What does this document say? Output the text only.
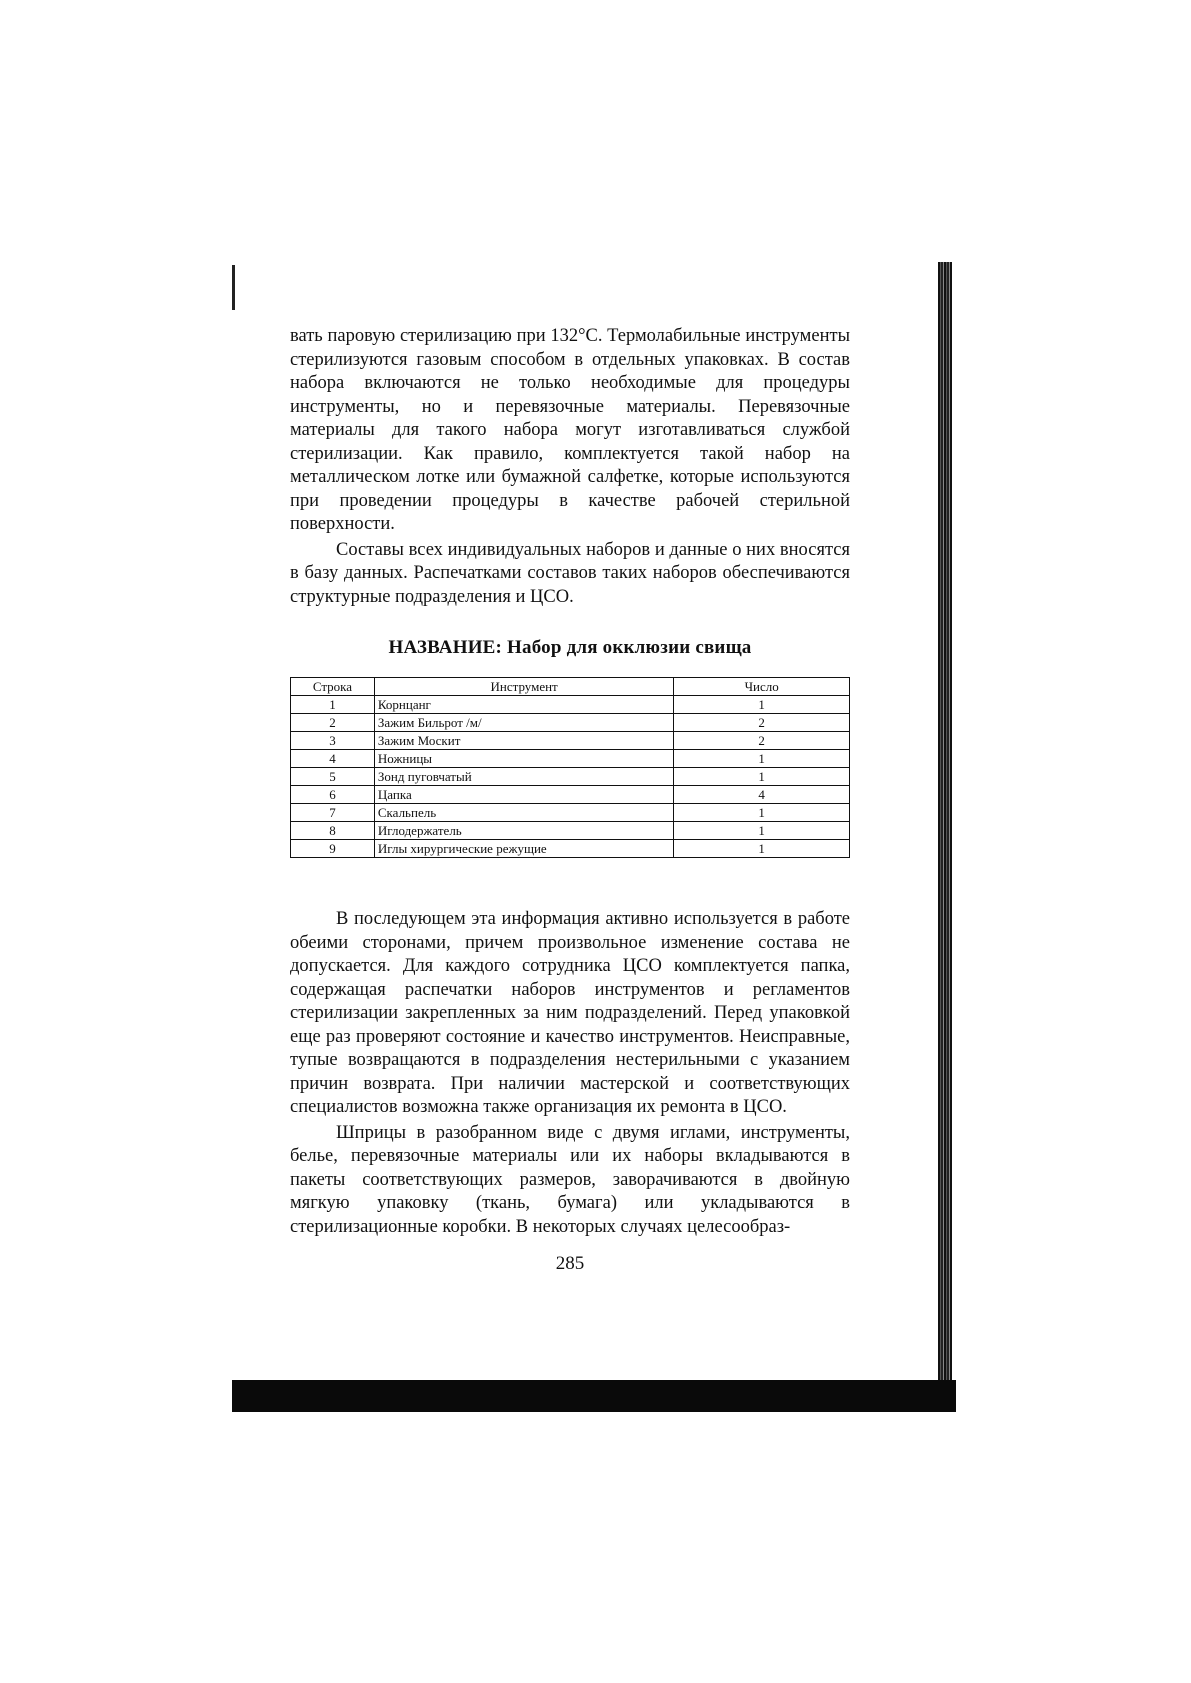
вать паровую стерилизацию при 132°С. Термолабильные инструменты стерилизуются газовым способом в отдельных упаковках. В состав набора включаются не только необходимые для процедуры инструменты, но и перевязочные материалы. Перевязочные материалы для такого набора могут изготавливаться службой стерилизации. Как правило, комплектуется такой набор на металлическом лотке или бумажной салфетке, которые используются при проведении процедуры в качестве рабочей стерильной поверхности.

Составы всех индивидуальных наборов и данные о них вносятся в базу данных. Распечатками составов таких наборов обеспечиваются структурные подразделения и ЦСО.

НАЗВАНИЕ: Набор для окклюзии свища
Строка	Инструмент	Число
1	Корнцанг	1
2	Зажим Бильрот /м/	2
3	Зажим Москит	2
4	Ножницы	1
5	Зонд пуговчатый	1
6	Цапка	4
7	Скальпель	1
8	Иглодержатель	1
9	Иглы хирургические режущие	1

В последующем эта информация активно используется в работе обеими сторонами, причем произвольное изменение состава не допускается. Для каждого сотрудника ЦСО комплектуется папка, содержащая распечатки наборов инструментов и регламентов стерилизации закрепленных за ним подразделений. Перед упаковкой еще раз проверяют состояние и качество инструментов. Неисправные, тупые возвращаются в подразделения нестерильными с указанием причин возврата. При наличии мастерской и соответствующих специалистов возможна также организация их ремонта в ЦСО.

Шприцы в разобранном виде с двумя иглами, инструменты, белье, перевязочные материалы или их наборы вкладываются в пакеты соответствующих размеров, заворачиваются в двойную мягкую упаковку (ткань, бумага) или укладываются в стерилизационные коробки. В некоторых случаях целесообраз-

285
